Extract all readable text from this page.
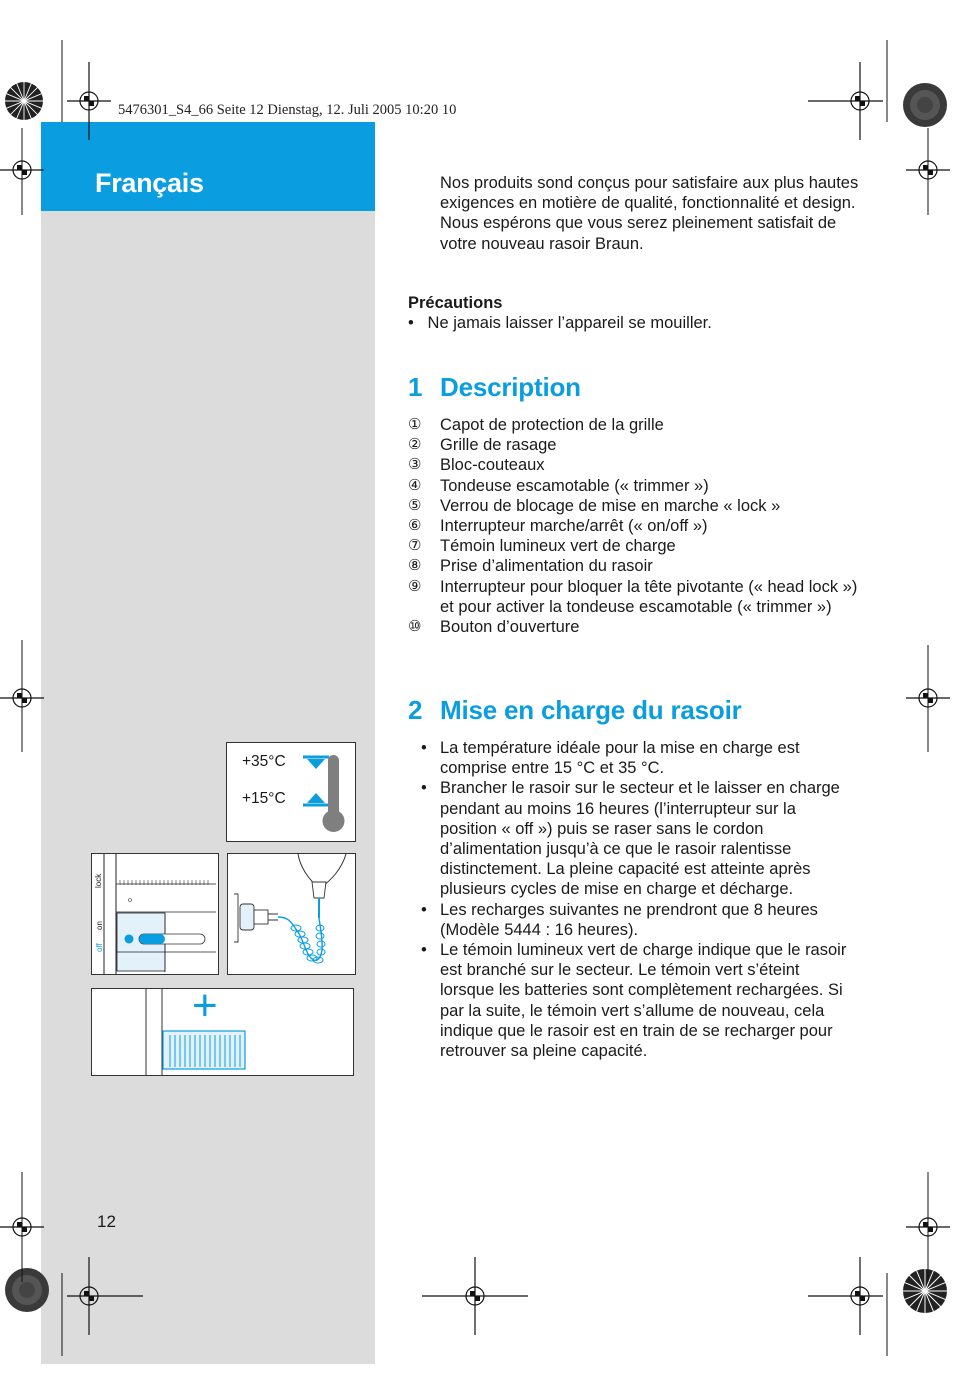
Français
5476301_S4_66 Seite 12 Dienstag, 12. Juli 2005 10:20 10
12
Nos produits sond conçus pour satisfaire aux plus hautes exigences en motière de qualité, fonctionnalité et design. Nous espérons que vous serez pleinement satisfait de votre nouveau rasoir Braun.
Précautions
• Ne jamais laisser l’appareil se mouiller.
1 Description
①	Capot de protection de la grille
②	Grille de rasage
③	Bloc-couteaux
④	Tondeuse escamotable (« trimmer »)
⑤	Verrou de blocage de mise en marche « lock »
⑥	Interrupteur marche/arrêt (« on/off »)
⑦	Témoin lumineux vert de charge
⑧	Prise d’alimentation du rasoir
⑨	Interrupteur pour bloquer la tête pivotante (« head lock ») et pour activer la tondeuse escamotable (« trimmer »)
⑩	Bouton d’ouverture
2 Mise en charge du rasoir
• La température idéale pour la mise en charge est comprise entre 15 °C et 35 °C.
• Brancher le rasoir sur le secteur et le laisser en charge pendant au moins 16 heures (l’interrupteur sur la position « off ») puis se raser sans le cordon d’alimentation jusqu’à ce que le rasoir ralentisse distinctement. La pleine capacité est atteinte après plusieurs cycles de mise en charge et décharge.
• Les recharges suivantes ne prendront que 8 heures (Modèle 5444 : 16 heures).
• Le témoin lumineux vert de charge indique que le rasoir est branché sur le secteur. Le témoin vert s’éteint lorsque les batteries sont complètement rechargées. Si par la suite, le témoin vert s’allume de nouveau, cela indique que le rasoir est en train de se recharger pour retrouver sa pleine capacité.
+35°C
+15°C
lock
on
off
+
